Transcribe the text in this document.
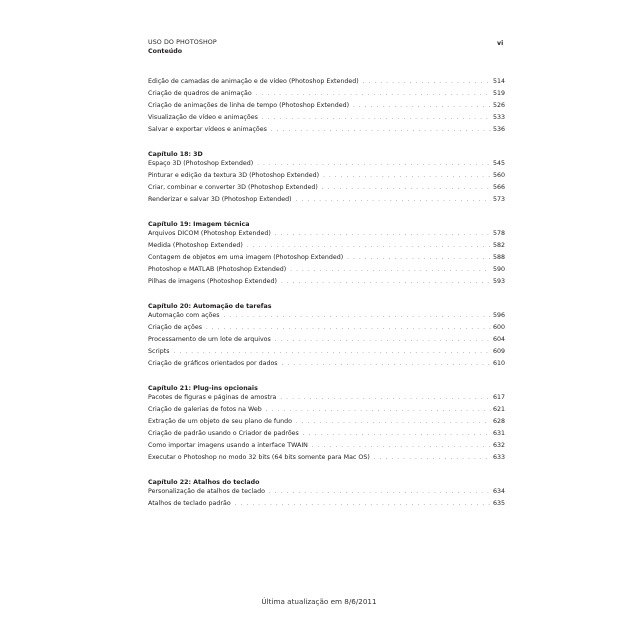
USO DO PHOTOSHOP
Conteúdo
vi
Edição de camadas de animação e de vídeo (Photoshop Extended) . . .	514
Criação de quadros de animação . . .	519
Criação de animações de linha de tempo (Photoshop Extended) . . .	526
Visualização de vídeo e animações . . .	533
Salvar e exportar vídeos e animações . . .	536
Capítulo 18: 3D
Espaço 3D (Photoshop Extended) . . .	545
Pinturar e edição da textura 3D (Photoshop Extended) . . .	560
Criar, combinar e converter 3D (Photoshop Extended) . . .	566
Renderizar e salvar 3D (Photoshop Extended) . . .	573
Capítulo 19: Imagem técnica
Arquivos DICOM (Photoshop Extended) . . .	578
Medida (Photoshop Extended) . . .	582
Contagem de objetos em uma imagem (Photoshop Extended) . . .	588
Photoshop e MATLAB (Photoshop Extended) . . .	590
Pilhas de imagens (Photoshop Extended) . . .	593
Capítulo 20: Automação de tarefas
Automação com ações . . .	596
Criação de ações . . .	600
Processamento de um lote de arquivos . . .	604
Scripts . . .	609
Criação de gráficos orientados por dados . . .	610
Capítulo 21: Plug-ins opcionais
Pacotes de figuras e páginas de amostra . . .	617
Criação de galerias de fotos na Web . . .	621
Extração de um objeto de seu plano de fundo . . .	628
Criação de padrão usando o Criador de padrões . . .	631
Como importar imagens usando a interface TWAIN . . .	632
Executar o Photoshop no modo 32 bits (64 bits somente para Mac OS) . . .	633
Capítulo 22: Atalhos do teclado
Personalização de atalhos de teclado . . .	634
Atalhos de teclado padrão . . .	635
Última atualização em 8/6/2011
